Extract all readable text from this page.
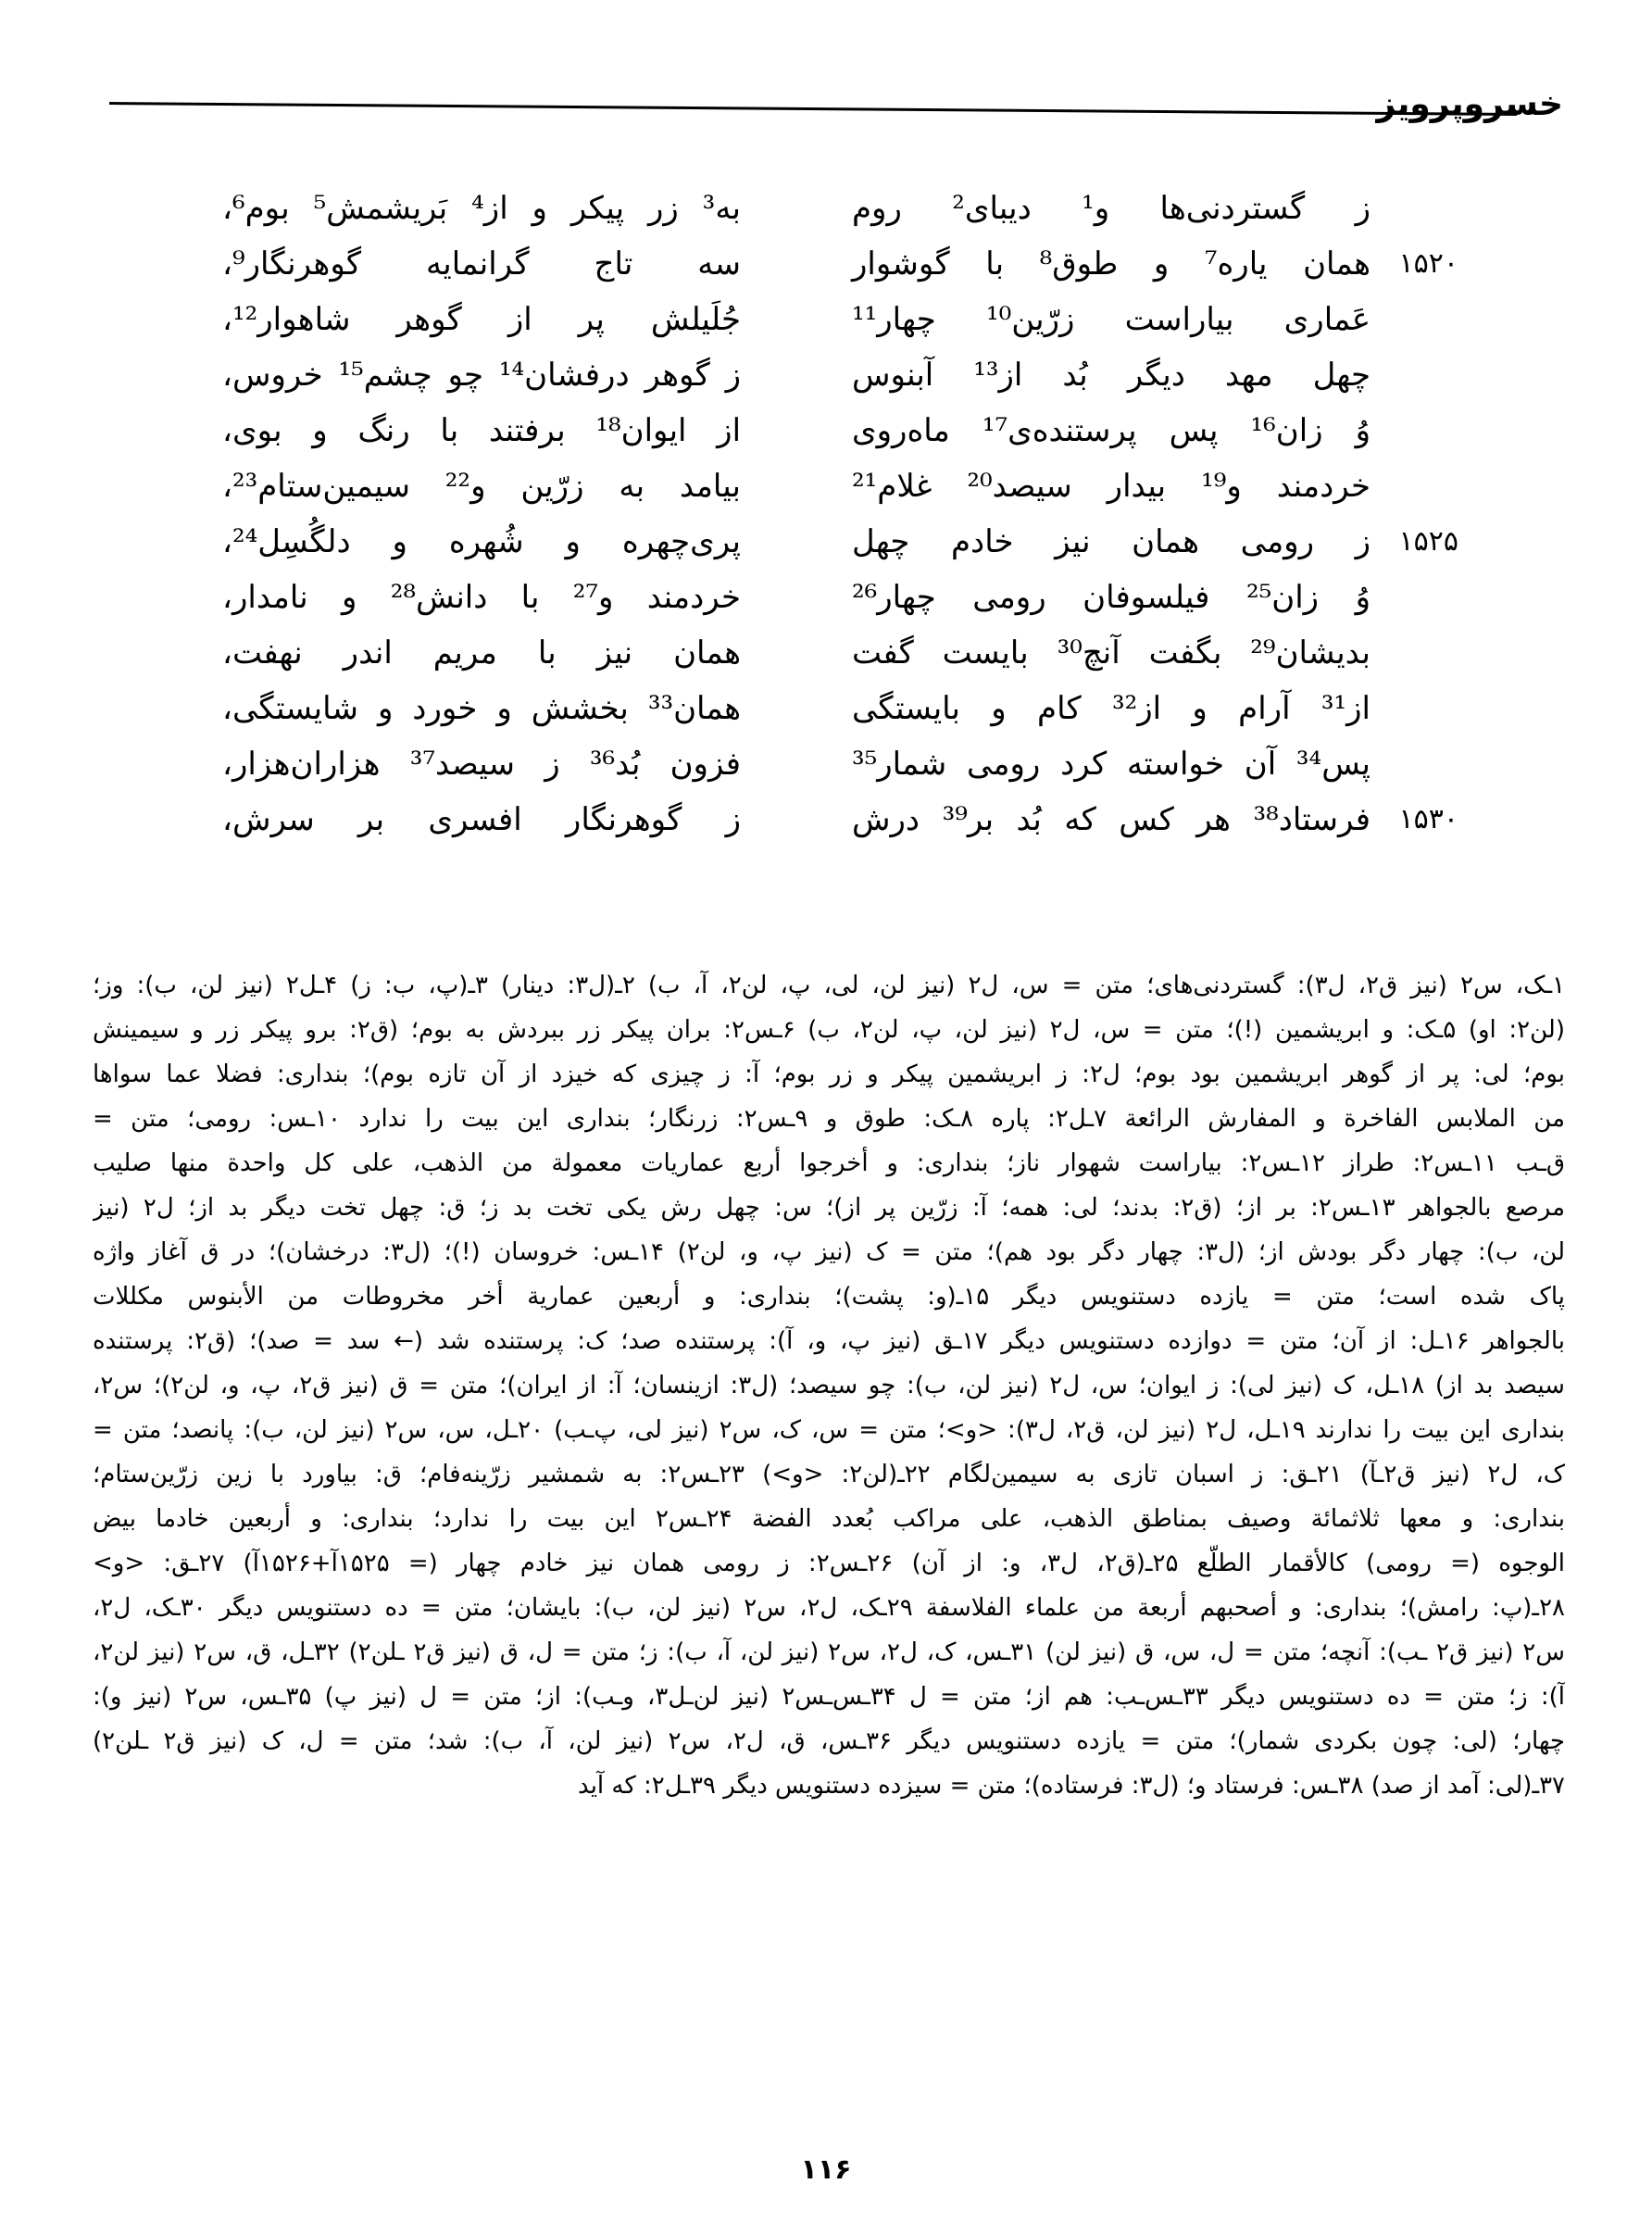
خسروپرویز
ز گستردنی‌ها و¹ دیبای² روم
۱۵۲۰
همان یاره⁷ و طوق⁸ با گوشوار
عَماری بیاراست زرّین¹⁰ چهار¹¹
چهل مهد دیگر بُد از¹³ آبنوس
وُ زان¹⁶ پس پرستنده‌ی¹⁷ ماه‌روی
خردمند و¹⁹ بیدار سیصد²⁰ غلام²¹
۱۵۲۵
ز رومی همان نیز خادم چهل
وُ زان²⁵ فیلسوفان رومی چهار²⁶
بدیشان²⁹ بگفت آنچ³⁰ بایست گفت
از³¹ آرام و از³² کام و بایستگی
پس³⁴ آن خواسته کرد رومی شمار³⁵
۱۵۳۰
فرستاد³⁸ هر کس که بُد بر³⁹ درش
به³ زر پیکر و از⁴ بَریشمش⁵ بوم⁶،
سه تاج گرانمایه گوهرنگار⁹،
جُلَیلش پر از گوهر شاهوار¹²،
ز گوهر درفشان¹⁴ چو چشم¹⁵ خروس،
از ایوان¹⁸ برفتند با رنگ و بوی،
بیامد به زرّین و²² سیمین‌ستام²³،
پری‌چهره و شُهره و دلگُسِل²⁴،
خردمند و²⁷ با دانش²⁸ و نامدار،
همان نیز با مریم اندر نهفت،
همان³³ بخشش و خورد و شایستگی،
فزون بُد³⁶ ز سیصد³⁷ هزاران‌هزار،
ز گوهرنگار افسری بر سرش،
۱ـک، س۲ (نیز ق۲، ل۳): گستردنی‌های؛ متن = س، ل۲ (نیز لن، لی، پ، لن۲، آ، ب) ۲ـ(ل۳: دینار) ۳ـ(پ، ب: ز) ۴ـل۲ (نیز لن، ب): وز؛
(لن۲: او) ۵ـک: و ابریشمین (!)؛ متن = س، ل۲ (نیز لن، پ، لن۲، ب) ۶ـس۲: بران پیکر زر ببردش به بوم؛ (ق۲: برو پیکر زر و سیمینش
بوم؛ لی: پر از گوهر ابریشمین بود بوم؛ ل۲: ز ابریشمین پیکر و زر بوم؛ آ: ز چیزی که خیزد از آن تازه بوم)؛ بنداری: فضلا عما سواها
من الملابس الفاخرة و المفارش الرائعة ۷ـل۲: پاره ۸ـک: طوق و ۹ـس۲: زرنگار؛ بنداری این بیت را ندارد ۱۰ـس: رومی؛ متن =
ق‌ـب ۱۱ـس۲: طراز ۱۲ـس۲: بیاراست شهوار ناز؛ بنداری: و أخرجوا أربع عماریات معمولة من الذهب، علی کل واحدة منها صلیب
مرصع بالجواهر ۱۳ـس۲: بر از؛ (ق۲: بدند؛ لی: همه؛ آ: زرّین پر از)؛ س: چهل رش یکی تخت بد ز؛ ق: چهل تخت دیگر بد از؛ ل۲ (نیز
لن، ب): چهار دگر بودش از؛ (ل۳: چهار دگر بود هم)؛ متن = ک (نیز پ، و، لن۲) ۱۴ـس: خروسان (!)؛ (ل۳: درخشان)؛ در ق آغاز واژه
پاک شده است؛ متن = یازده دستنویس دیگر ۱۵ـ(و: پشت)؛ بنداری: و أربعین عماریة أخر مخروطات من الأبنوس مکللات
بالجواهر ۱۶ـل: از آن؛ متن = دوازده دستنویس دیگر ۱۷ـق (نیز پ، و، آ): پرستنده صد؛ ک: پرستنده شد (← سد = صد)؛ (ق۲: پرستنده
سیصد بد از) ۱۸ـل، ک (نیز لی): ز ایوان؛ س، ل۲ (نیز لن، ب): چو سیصد؛ (ل۳: ازینسان؛ آ: از ایران)؛ متن = ق (نیز ق۲، پ، و، لن۲)؛ س۲،
بنداری این بیت را ندارند ۱۹ـل، ل۲ (نیز لن، ق۲، ل۳): <و>؛ متن = س، ک، س۲ (نیز لی، پ‌ـب) ۲۰ـل، س، س۲ (نیز لن، ب): پانصد؛ متن =
ک، ل۲ (نیز ق۲‌ـآ) ۲۱ـق: ز اسبان تازی به سیمین‌لگام ۲۲ـ(لن۲: <و>) ۲۳ـس۲: به شمشیر زرّینه‌فام؛ ق: بیاورد با زین زرّین‌ستام؛
بنداری: و معها ثلاثمائة وصیف بمناطق الذهب، علی مراکب بُعدد الفضة ۲۴ـس۲ این بیت را ندارد؛ بنداری: و أربعین خادما بیض
الوجوه (= رومی) کالأقمار الطلّع ۲۵ـ(ق۲، ل۳، و: از آن) ۲۶ـس۲: ز رومی همان نیز خادم چهار (= ۱۵۲۵آ+۱۵۲۶آ) ۲۷ـق: <و>
۲۸ـ(پ: رامش)؛ بنداری: و أصحبهم أربعة من علماء الفلاسفة ۲۹ـک، ل۲، س۲ (نیز لن، ب): بایشان؛ متن = ده دستنویس دیگر ۳۰ـک، ل۲،
س۲ (نیز ق۲ ـب): آنچه؛ متن = ل، س، ق (نیز لن) ۳۱ـس، ک، ل۲، س۲ (نیز لن، آ، ب): ز؛ متن = ل، ق (نیز ق۲ ـلن۲) ۳۲ـل، ق، س۲ (نیز لن۲،
آ): ز؛ متن = ده دستنویس دیگر ۳۳ـس‌ـب: هم از؛ متن = ل ۳۴ـس‌ـس۲ (نیز لن‌ـل۳، و‌ـب): از؛ متن = ل (نیز پ) ۳۵ـس، س۲ (نیز و):
چهار؛ (لی: چون بکردی شمار)؛ متن = یازده دستنویس دیگر ۳۶ـس، ق، ل۲، س۲ (نیز لن، آ، ب): شد؛ متن = ل، ک (نیز ق۲ ـلن۲)
۳۷ـ(لی: آمد از صد) ۳۸ـس: فرستاد و؛ (ل۳: فرستاده)؛ متن = سیزده دستنویس دیگر ۳۹ـل۲: که آید
۱۱۶
